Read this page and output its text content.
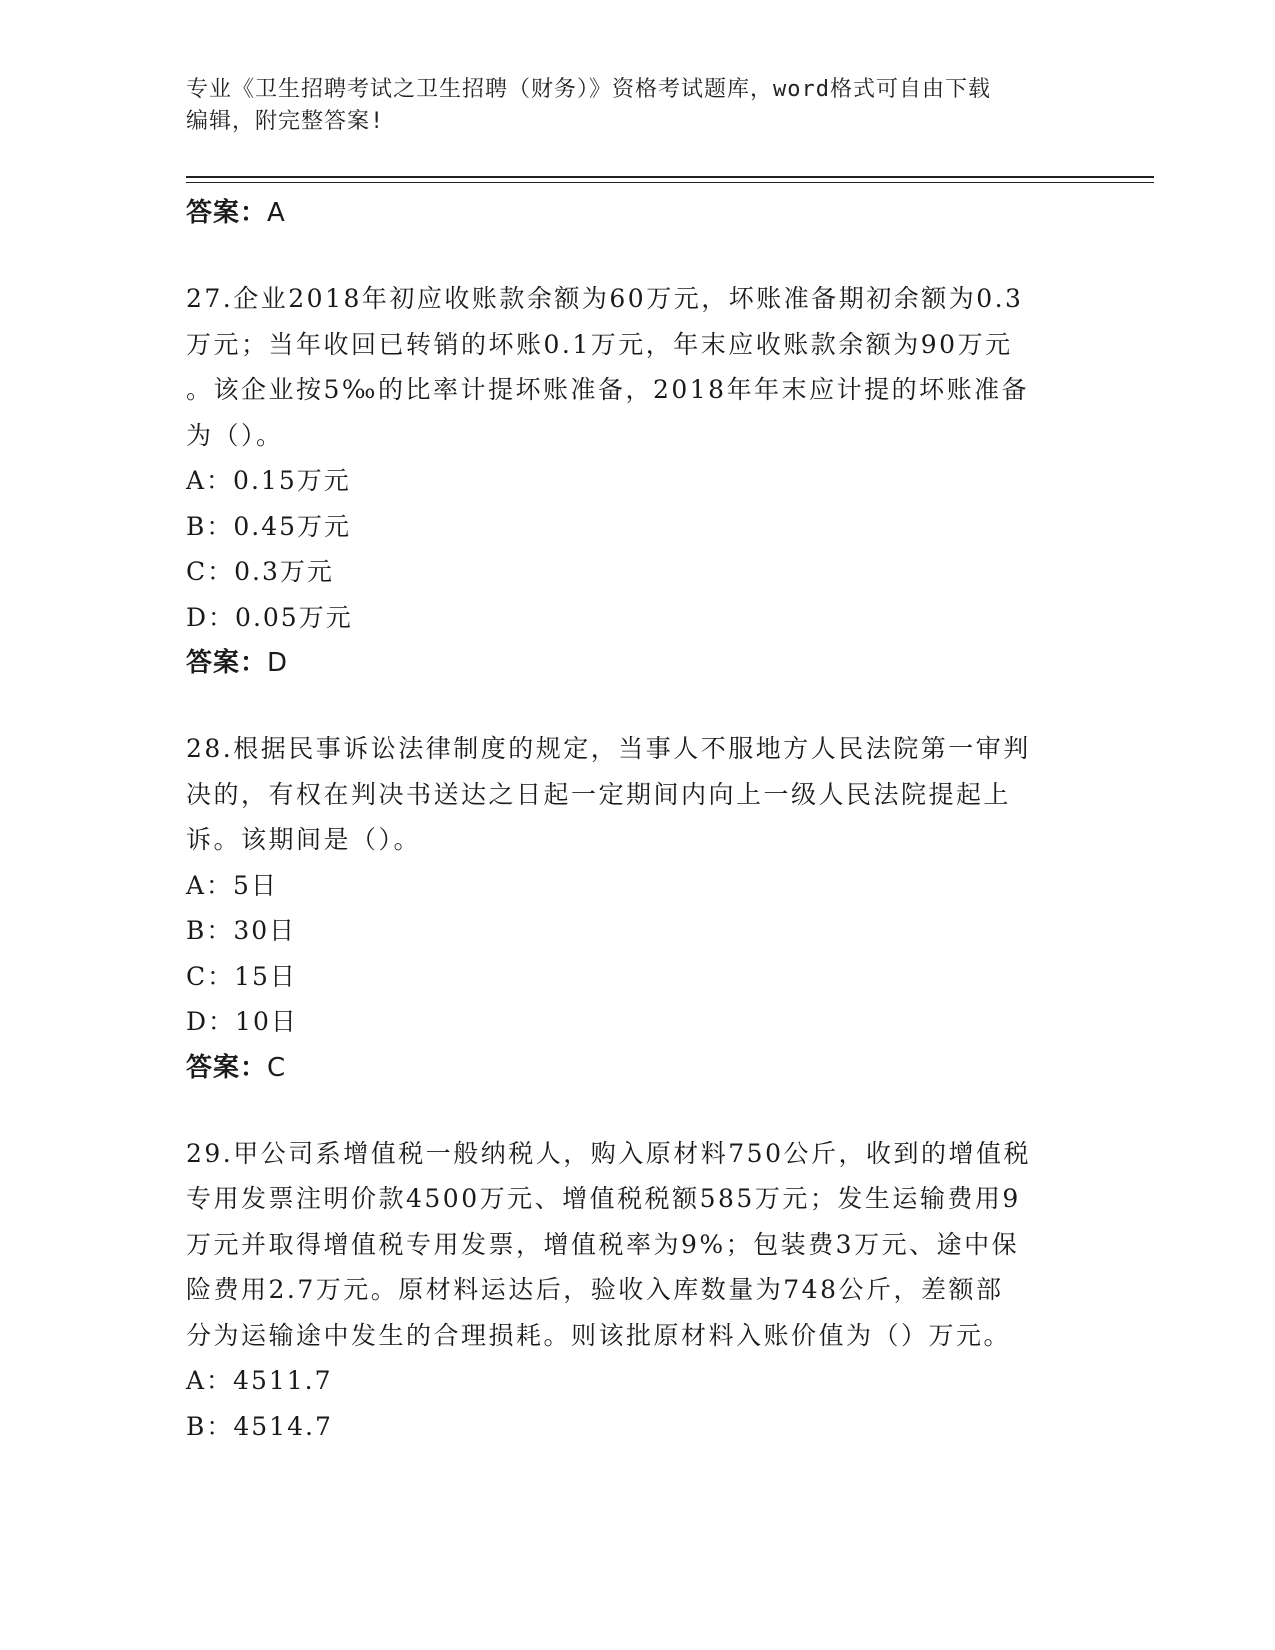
专业《卫生招聘考试之卫生招聘（财务）》资格考试题库，word格式可自由下载
编辑，附完整答案!
答案：A

27.企业2018年初应收账款余额为60万元，坏账准备期初余额为0.3

万元；当年收回已转销的坏账0.1万元，年末应收账款余额为90万元

。该企业按5‰的比率计提坏账准备，2018年年末应计提的坏账准备

为（）。

A：0.15万元

B：0.45万元

C：0.3万元

D：0.05万元

答案：D

28.根据民事诉讼法律制度的规定，当事人不服地方人民法院第一审判

决的，有权在判决书送达之日起一定期间内向上一级人民法院提起上

诉。该期间是（）。

A：5日

B：30日

C：15日

D：10日

答案：C

29.甲公司系增值税一般纳税人，购入原材料750公斤，收到的增值税

专用发票注明价款4500万元、增值税税额585万元；发生运输费用9

万元并取得增值税专用发票，增值税率为9%；包装费3万元、途中保

险费用2.7万元。原材料运达后，验收入库数量为748公斤，差额部

分为运输途中发生的合理损耗。则该批原材料入账价值为（）万元。

A：4511.7

B：4514.7
